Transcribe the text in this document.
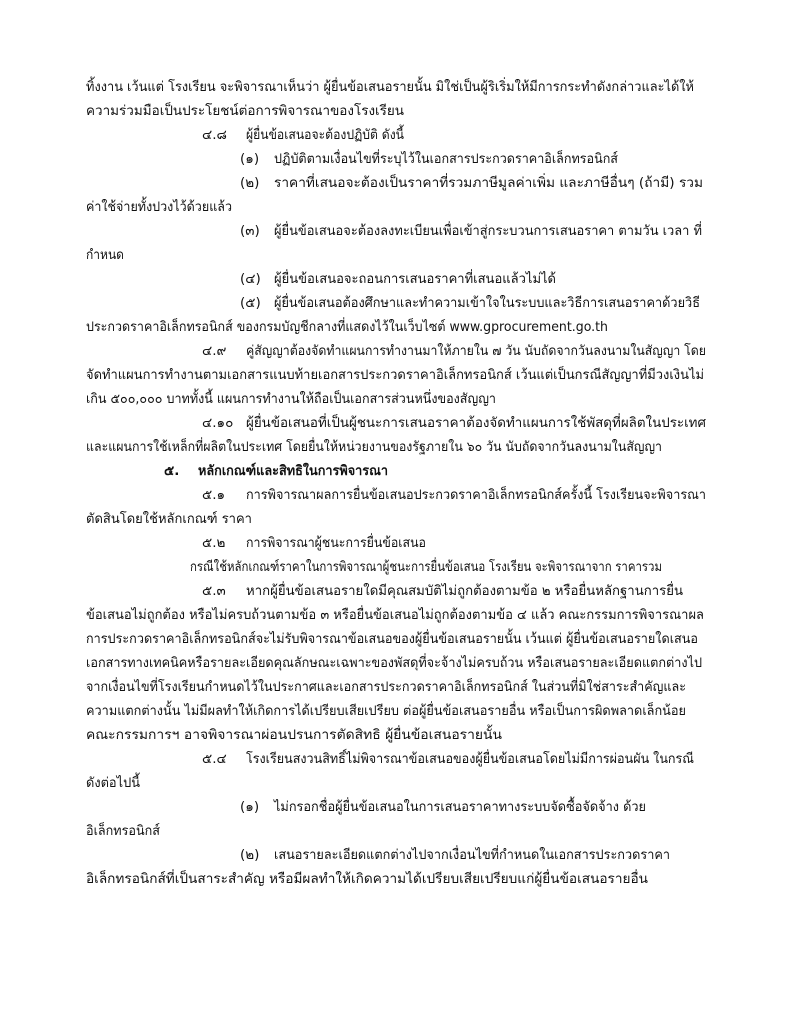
ทิ้งงาน เว้นแต่ โรงเรียน จะพิจารณาเห็นว่า ผู้ยื่นข้อเสนอรายนั้น มิใช่เป็นผู้ริเริ่มให้มีการกระทำดังกล่าวและได้ให้
ความร่วมมือเป็นประโยชน์ต่อการพิจารณาของโรงเรียน
๔.๘ ผู้ยื่นข้อเสนอจะต้องปฏิบัติ ดังนี้
(๑) ปฏิบัติตามเงื่อนไขที่ระบุไว้ในเอกสารประกวดราคาอิเล็กทรอนิกส์
(๒) ราคาที่เสนอจะต้องเป็นราคาที่รวมภาษีมูลค่าเพิ่ม และภาษีอื่นๆ (ถ้ามี) รวม
ค่าใช้จ่ายทั้งปวงไว้ด้วยแล้ว
(๓) ผู้ยื่นข้อเสนอจะต้องลงทะเบียนเพื่อเข้าสู่กระบวนการเสนอราคา ตามวัน เวลา ที่
กำหนด
(๔) ผู้ยื่นข้อเสนอจะถอนการเสนอราคาที่เสนอแล้วไม่ได้
(๕) ผู้ยื่นข้อเสนอต้องศึกษาและทำความเข้าใจในระบบและวิธีการเสนอราคาด้วยวิธี
ประกวดราคาอิเล็กทรอนิกส์ ของกรมบัญชีกลางที่แสดงไว้ในเว็บไซต์ www.gprocurement.go.th
๔.๙ คู่สัญญาต้องจัดทำแผนการทำงานมาให้ภายใน ๗ วัน นับถัดจากวันลงนามในสัญญา โดย
จัดทำแผนการทำงานตามเอกสารแนบท้ายเอกสารประกวดราคาอิเล็กทรอนิกส์ เว้นแต่เป็นกรณีสัญญาที่มีวงเงินไม่
เกิน ๕๐๐,๐๐๐ บาททั้งนี้ แผนการทำงานให้ถือเป็นเอกสารส่วนหนึ่งของสัญญา
๔.๑๐ ผู้ยื่นข้อเสนอที่เป็นผู้ชนะการเสนอราคาต้องจัดทำแผนการใช้พัสดุที่ผลิตในประเทศ
และแผนการใช้เหล็กที่ผลิตในประเทศ โดยยื่นให้หน่วยงานของรัฐภายใน ๖๐ วัน นับถัดจากวันลงนามในสัญญา
๕. หลักเกณฑ์และสิทธิในการพิจารณา
๕.๑ การพิจารณาผลการยื่นข้อเสนอประกวดราคาอิเล็กทรอนิกส์ครั้งนี้ โรงเรียนจะพิจารณา
ตัดสินโดยใช้หลักเกณฑ์ ราคา
๕.๒ การพิจารณาผู้ชนะการยื่นข้อเสนอ
กรณีใช้หลักเกณฑ์ราคาในการพิจารณาผู้ชนะการยื่นข้อเสนอ โรงเรียน จะพิจารณาจาก ราคารวม
๕.๓ หากผู้ยื่นข้อเสนอรายใดมีคุณสมบัติไม่ถูกต้องตามข้อ ๒ หรือยื่นหลักฐานการยื่น
ข้อเสนอไม่ถูกต้อง หรือไม่ครบถ้วนตามข้อ ๓ หรือยื่นข้อเสนอไม่ถูกต้องตามข้อ ๔ แล้ว คณะกรรมการพิจารณาผล
การประกวดราคาอิเล็กทรอนิกส์จะไม่รับพิจารณาข้อเสนอของผู้ยื่นข้อเสนอรายนั้น เว้นแต่ ผู้ยื่นข้อเสนอรายใดเสนอ
เอกสารทางเทคนิคหรือรายละเอียดคุณลักษณะเฉพาะของพัสดุที่จะจ้างไม่ครบถ้วน หรือเสนอรายละเอียดแตกต่างไป
จากเงื่อนไขที่โรงเรียนกำหนดไว้ในประกาศและเอกสารประกวดราคาอิเล็กทรอนิกส์ ในส่วนที่มิใช่สาระสำคัญและ
ความแตกต่างนั้น ไม่มีผลทำให้เกิดการได้เปรียบเสียเปรียบ ต่อผู้ยื่นข้อเสนอรายอื่น หรือเป็นการผิดพลาดเล็กน้อย
คณะกรรมการฯ อาจพิจารณาผ่อนปรนการตัดสิทธิ ผู้ยื่นข้อเสนอรายนั้น
๕.๔ โรงเรียนสงวนสิทธิ์ไม่พิจารณาข้อเสนอของผู้ยื่นข้อเสนอโดยไม่มีการผ่อนผัน ในกรณี
ดังต่อไปนี้
(๑) ไม่กรอกชื่อผู้ยื่นข้อเสนอในการเสนอราคาทางระบบจัดซื้อจัดจ้าง ด้วย
อิเล็กทรอนิกส์
(๒) เสนอรายละเอียดแตกต่างไปจากเงื่อนไขที่กำหนดในเอกสารประกวดราคา
อิเล็กทรอนิกส์ที่เป็นสาระสำคัญ หรือมีผลทำให้เกิดความได้เปรียบเสียเปรียบแก่ผู้ยื่นข้อเสนอรายอื่น
